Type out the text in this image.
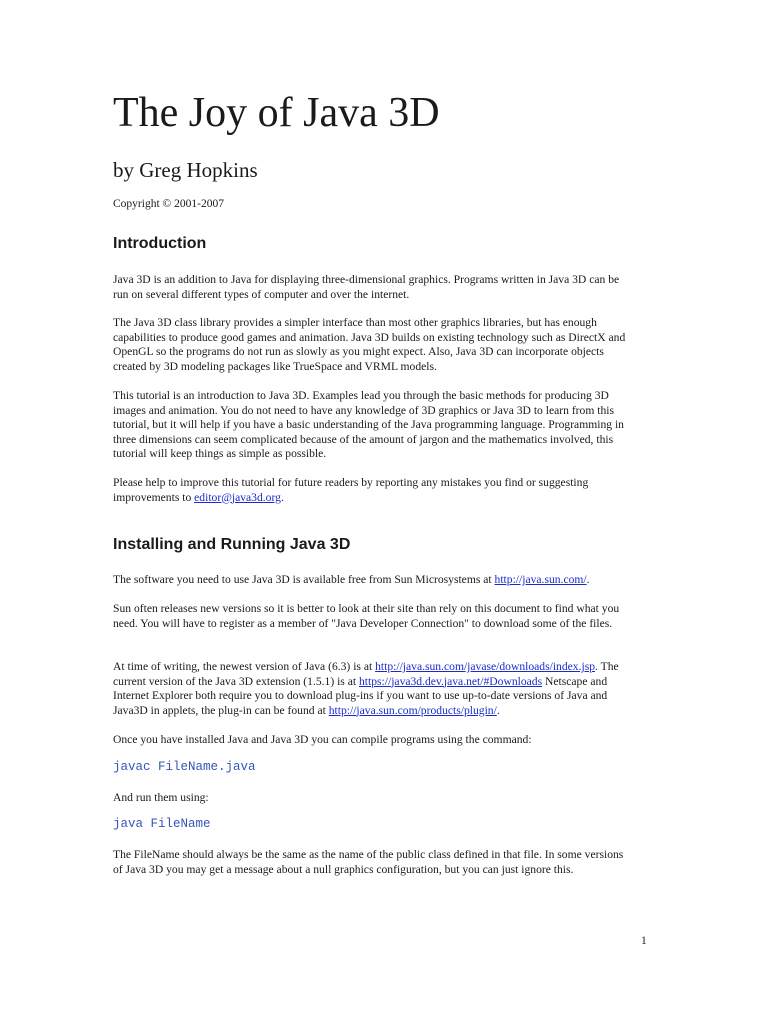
The Joy of Java 3D
by Greg Hopkins

Copyright © 2001-2007

Introduction

Java 3D is an addition to Java for displaying three-dimensional graphics. Programs written in Java 3D can be run on several different types of computer and over the internet.

The Java 3D class library provides a simpler interface than most other graphics libraries, but has enough capabilities to produce good games and animation. Java 3D builds on existing technology such as DirectX and OpenGL so the programs do not run as slowly as you might expect. Also, Java 3D can incorporate objects created by 3D modeling packages like TrueSpace and VRML models.

This tutorial is an introduction to Java 3D. Examples lead you through the basic methods for producing 3D images and animation. You do not need to have any knowledge of 3D graphics or Java 3D to learn from this tutorial, but it will help if you have a basic understanding of the Java programming language. Programming in three dimensions can seem complicated because of the amount of jargon and the mathematics involved, this tutorial will keep things as simple as possible.

Please help to improve this tutorial for future readers by reporting any mistakes you find or suggesting improvements to editor@java3d.org.

Installing and Running Java 3D

The software you need to use Java 3D is available free from Sun Microsystems at http://java.sun.com/.

Sun often releases new versions so it is better to look at their site than rely on this document to find what you need. You will have to register as a member of "Java Developer Connection" to download some of the files.

At time of writing, the newest version of Java (6.3) is at http://java.sun.com/javase/downloads/index.jsp. The current version of the Java 3D extension (1.5.1) is at https://java3d.dev.java.net/#Downloads Netscape and Internet Explorer both require you to download plug-ins if you want to use up-to-date versions of Java and Java3D in applets, the plug-in can be found at http://java.sun.com/products/plugin/.

Once you have installed Java and Java 3D you can compile programs using the command:

javac FileName.java

And run them using:

java FileName

The FileName should always be the same as the name of the public class defined in that file. In some versions of Java 3D you may get a message about a null graphics configuration, but you can just ignore this.

1
